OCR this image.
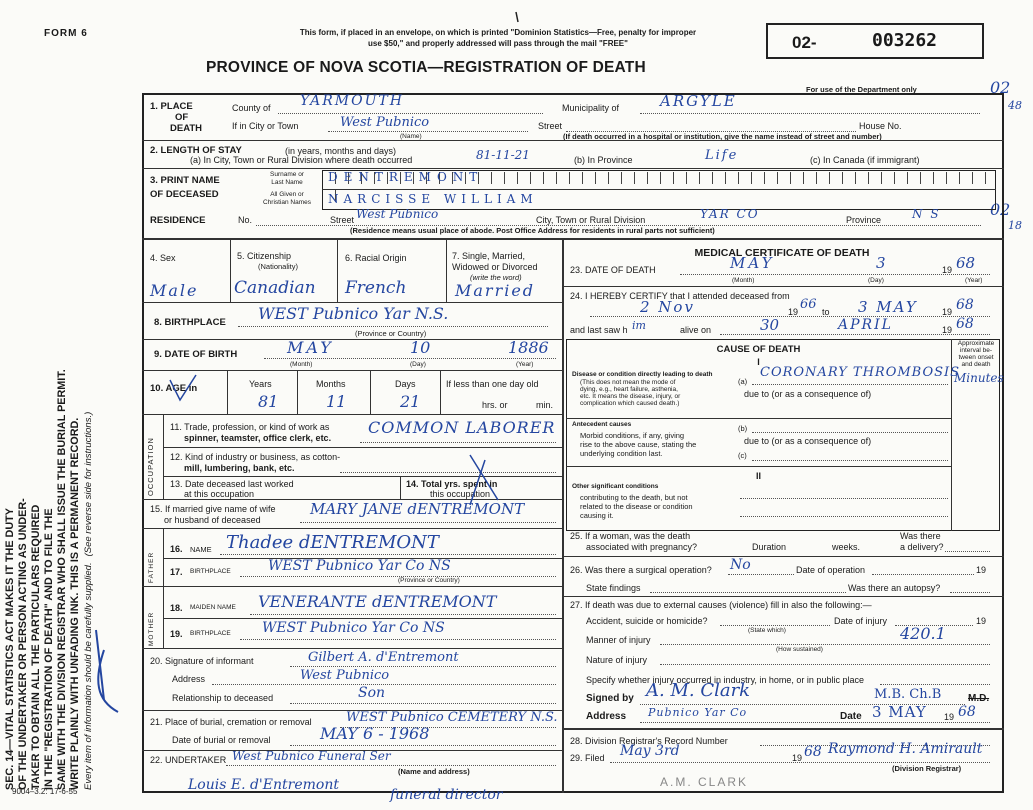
FORM 6	This form, if placed in an envelope, on which is printed "Dominion Statistics—Free, penalty for improper
use $50," and properly addressed will pass through the mail "FREE"
PROVINCE OF NOVA SCOTIA—REGISTRATION OF DEATH
02-	003262
For use of the Department only	02
48
02
18
SEC. 14—VITAL STATISTICS ACT MAKES IT THE DUTY OF THE UNDERTAKER OR PERSON ACTING AS UNDER- TAKER TO OBTAIN ALL THE PARTICULARS REQUIRED IN THE "REGISTRATION OF DEATH" AND TO FILE THE SAME WITH THE DIVISION REGISTRAR WHO SHALL ISSUE THE BURIAL PERMIT. WRITE PLAINLY WITH UNFADING INK. THIS IS A PERMANENT RECORD. Every item of information should be carefully supplied.  (See reverse side for instructions.)
1. PLACE
OF
DEATH
County of YARMOUTH	Municipality of	ARGYLE
If in City or Town	West Pubnico
(Name)
Street	House No.
(If death occurred in a hospital or institution, give the name instead of street and number)
2. LENGTH OF STAY	(in years, months and days)
(a) In City, Town or Rural Division where death occurred	81-11-21	(b) In Province	Life	(c) In Canada (if immigrant)
3. PRINT NAME
OF DECEASED
Surname or
Last Name
All Given or
Christian Names
DENTREMONT
NARCISSE WILLIAM
RESIDENCE	No.	Street West Pubnico	City, Town or Rural Division	YAR CO	Province	N S
(Residence means usual place of abode. Post Office Address for residents in rural parts not sufficient)
4. Sex	5. Citizenship
(Nationality)
6. Racial Origin	7. Single, Married,
Widowed or Divorced
(write the word)
Male Canadian French	Married
8. BIRTHPLACE WEST Pubnico Yar N.S.
(Province or Country)
9. DATE OF BIRTH	MAY	10	1886
(Month)	(Day)	(Year)
10. AGE in	Years	Months	Days	If less than one day old
hrs. or	min.
81	11	21
OCCUPATION
11. Trade, profession, or kind of work as
spinner, teamster, office clerk, etc.
COMMON LABORER
12. Kind of industry or business, as cotton-
mill, lumbering, bank, etc.
13. Date deceased last worked
at this occupation
14. Total yrs. spent in
this occupation
15. If married give name of wife
or husband of deceased
MARY JANE dENTREMONT
FATHER
16. NAME Thadee dENTREMONT
17. BIRTHPLACE	WEST Pubnico Yar Co NS
(Province or Country)
MOTHER
18. MAIDEN NAME VENERANTE dENTREMONT
19. BIRTHPLACE WEST Pubnico Yar Co NS
20. Signature of informant	Gilbert A. d'Entremont
Address	West Pubnico
Relationship to deceased	Son
21. Place of burial, cremation or removal	WEST Pubnico CEMETERY N.S.
Date of burial or removal	MAY 6 - 1968
22. UNDERTAKER West Pubnico Funeral Ser
(Name and address)
MEDICAL CERTIFICATE OF DEATH
23. DATE OF DEATH	MAY	3	19 68
(Month)	(Day)	(Year)
24. I HEREBY CERTIFY that I attended deceased from
2 Nov	19 66 to 3 MAY	19 68
and last saw h im	alive on	30	APRIL	19 68
CAUSE OF DEATH
Approximate
interval be-
tween onset
and death
I
Disease or condition directly leading to death
(This does not mean the mode of
dying, e.g., heart failure, asthenia,
etc. It means the disease, injury, or
complication which caused death.)
(a)
CORONARY THROMBOSIS
due to (or as a consequence of)
Minutes
Antecedent causes
Morbid conditions, if any, giving
rise to the above cause, stating the
underlying condition last.
(b)
due to (or as a consequence of)
(c)
II
Other significant conditions
contributing to the death, but not
related to the disease or condition
causing it.
25. If a woman, was the death
associated with pregnancy?	Duration	weeks.
Was there
a delivery?
26. Was there a surgical operation? No	Date of operation	19
State findings	Was there an autopsy?
27. If death was due to external causes (violence) fill in also the following:—
Accident, suicide or homicide?
(State which)
Date of injury	19
Manner of injury	420.1
(How sustained)
Nature of injury
Specify whether injury occurred in industry, in home, or in public place
Signed by A. M. Clark	M.B. Ch.B	M.D.
Address Pubnico Yar Co	Date 3 MAY 19 68
28. Division Registrar's Record Number
29. Filed May 3rd	19 68 Raymond H. Amirault
(Division Registrar)
A.M. CLARK
Louis E. d'Entremont
funeral director
9004–3.2: 17-6-55
